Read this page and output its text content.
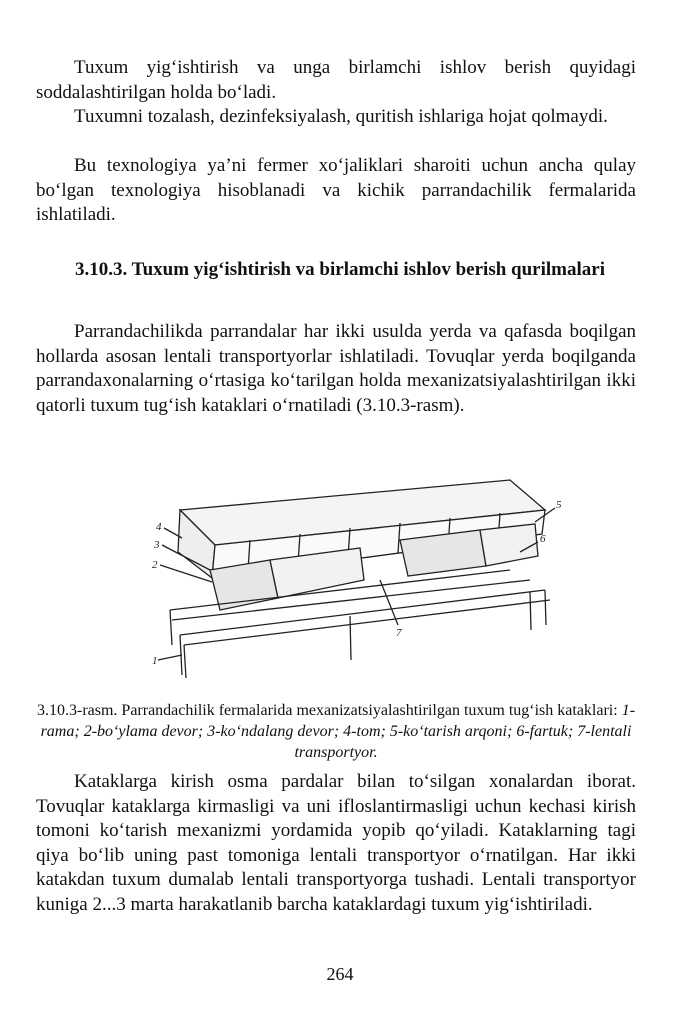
Tuxum yig‘ishtirish va unga birlamchi ishlov berish quyidagi soddalashtirilgan holda bo‘ladi.

Tuxumni tozalash, dezinfeksiyalash, quritish ishlariga hojat qolmaydi.

Bu texnologiya ya’ni fermer xo‘jaliklari sharoiti uchun ancha qulay bo‘lgan texnologiya hisoblanadi va kichik parrandachilik fermalarida ishlatiladi.

3.10.3. Tuxum yig‘ishtirish va birlamchi ishlov berish qurilmalari

Parrandachilikda parrandalar har ikki usulda yerda va qafasda boqilgan hollarda asosan lentali transportyorlar ishlatiladi. Tovuqlar yerda boqilganda parrandaxonalarning o‘rtasiga ko‘tarilgan holda mexanizatsiyalashtirilgan ikki qatorli tuxum tug‘ish kataklari o‘rnatiladi (3.10.3-rasm).

1
2
3
4
5
6
7
3.10.3-rasm. Parrandachilik fermalarida mexanizatsiyalashtirilgan tuxum tug‘ish kataklari: 1-rama; 2-bo‘ylama devor; 3-ko‘ndalang devor; 4-tom; 5-ko‘tarish arqoni; 6-fartuk; 7-lentali transportyor.

Kataklarga kirish osma pardalar bilan to‘silgan xonalardan iborat. Tovuqlar kataklarga kirmasligi va uni ifloslantirmasligi uchun kechasi kirish tomoni ko‘tarish mexanizmi yordamida yopib qo‘yiladi. Kataklarning tagi qiya bo‘lib uning past tomoniga lentali transportyor o‘rnatilgan. Har ikki katakdan tuxum dumalab lentali transportyorga tushadi. Lentali transportyor kuniga 2...3 marta harakatlanib barcha kataklardagi tuxum yig‘ishtiriladi.

264
